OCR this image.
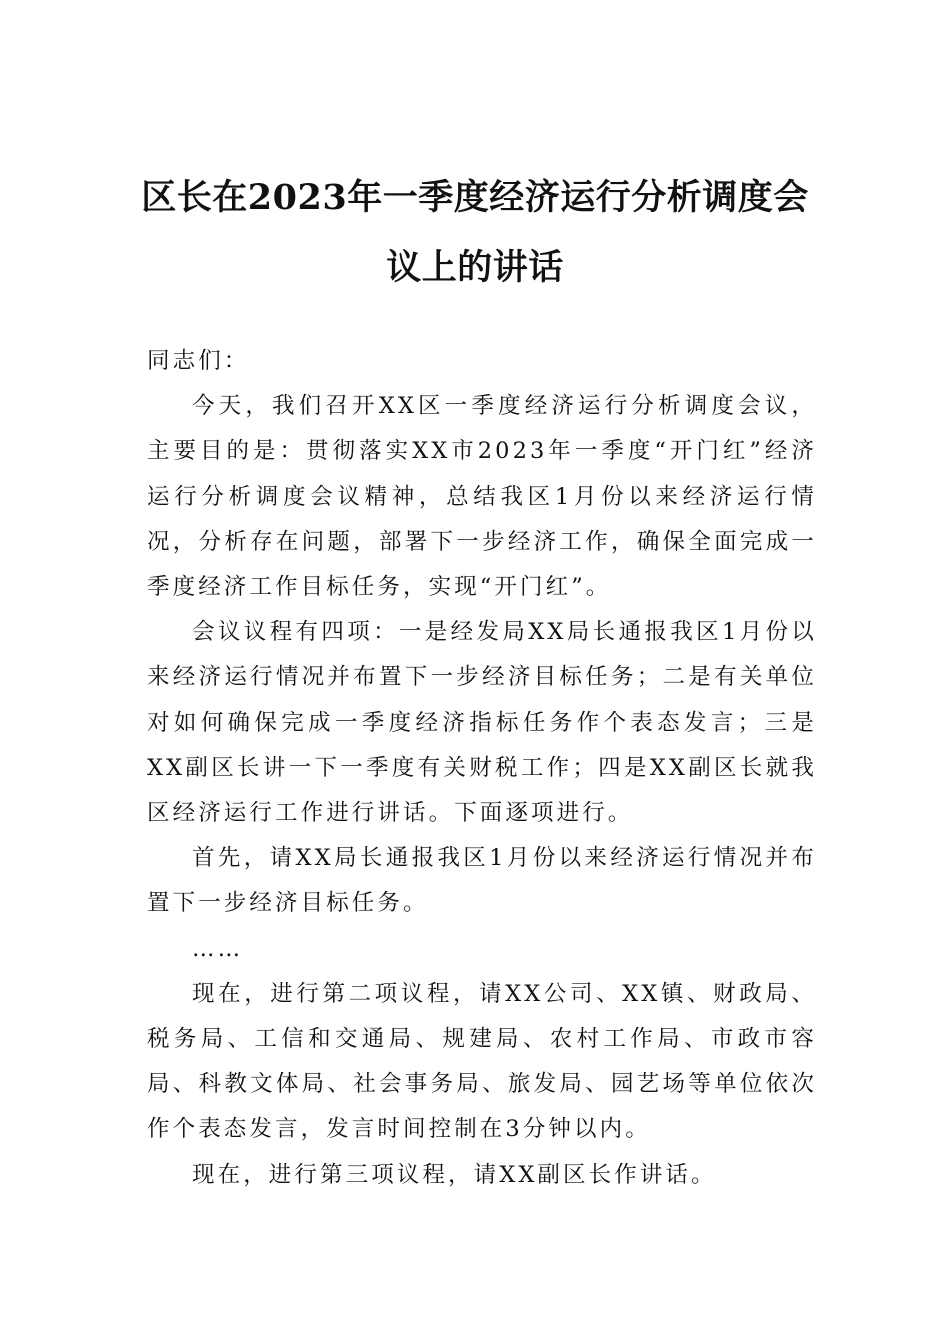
区长在2023年一季度经济运行分析调度会
议上的讲话

同志们：

今天，我们召开XX区一季度经济运行分析调度会议，主要目的是：贯彻落实XX市2023年一季度“开门红”经济运行分析调度会议精神，总结我区1月份以来经济运行情况，分析存在问题，部署下一步经济工作，确保全面完成一季度经济工作目标任务，实现“开门红”。

会议议程有四项：一是经发局XX局长通报我区1月份以来经济运行情况并布置下一步经济目标任务；二是有关单位对如何确保完成一季度经济指标任务作个表态发言；三是XX副区长讲一下一季度有关财税工作；四是XX副区长就我区经济运行工作进行讲话。下面逐项进行。

首先，请XX局长通报我区1月份以来经济运行情况并布置下一步经济目标任务。

……

现在，进行第二项议程，请XX公司、XX镇、财政局、税务局、工信和交通局、规建局、农村工作局、市政市容局、科教文体局、社会事务局、旅发局、园艺场等单位依次作个表态发言，发言时间控制在3分钟以内。

现在，进行第三项议程，请XX副区长作讲话。
